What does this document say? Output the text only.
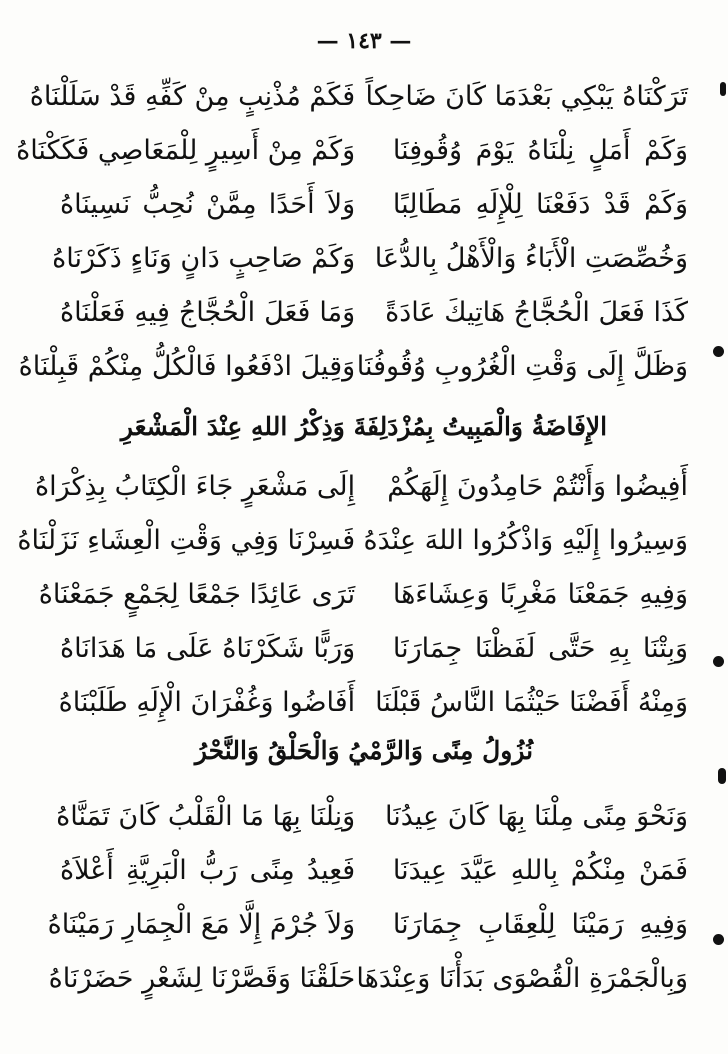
— ١٤٣ —
تَرَكْنَاهُ يَبْكِي بَعْدَمَا كَانَ ضَاحِكاً
فَكَمْ مُذْنِبٍ مِنْ كَفِّهِ قَدْ سَلَلْنَاهُ
وَكَمْ أَمَلٍ نِلْنَاهُ يَوْمَ وُقُوفِنَا
وَكَمْ مِنْ أَسِيرٍ لِلْمَعَاصِي فَكَكْنَاهُ
وَكَمْ قَدْ دَفَعْنَا لِلْإِلَهِ مَطَالِبًا
وَلاَ أَحَدًا مِمَّنْ نُحِبُّ نَسِينَاهُ
وَخُصِّصَتِ الْأَبَاءُ وَالْأَهْلُ بِالدُّعَا
وَكَمْ صَاحِبٍ دَانٍ وَنَاءٍ ذَكَرْنَاهُ
كَذَا فَعَلَ الْحُجَّاجُ هَاتِيكَ عَادَةً
وَمَا فَعَلَ الْحُجَّاجُ فِيهِ فَعَلْنَاهُ
وَظَلَّ إِلَى وَقْتِ الْغُرُوبِ وُقُوفُنَا
وَقِيلَ ادْفَعُوا فَالْكُلُّ مِنْكُمْ قَبِلْنَاهُ
الإِفَاضَةُ وَالْمَبِيتُ بِمُزْدَلِفَةَ وَذِكْرُ اللهِ عِنْدَ الْمَشْعَرِ
أَفِيضُوا وَأَنْتُمْ حَامِدُونَ إِلَهَكُمْ
إِلَى مَشْعَرٍ جَاءَ الْكِتَابُ بِذِكْرَاهُ
وَسِيرُوا إِلَيْهِ وَاذْكُرُوا اللهَ عِنْدَهُ
فَسِرْنَا وَفِي وَقْتِ الْعِشَاءِ نَزَلْنَاهُ
وَفِيهِ جَمَعْنَا مَغْرِبًا وَعِشَاءَهَا
تَرَى عَائِدًا جَمْعًا لِجَمْعٍ جَمَعْنَاهُ
وَبِتْنَا بِهِ حَتَّى لَفَظْنَا جِمَارَنَا
وَرَبًّا شَكَرْنَاهُ عَلَى مَا هَدَانَاهُ
وَمِنْهُ أَفَضْنَا حَيْثُمَا النَّاسُ قَبْلَنَا
أَفَاضُوا وَغُفْرَانَ الْإِلَهِ طَلَبْنَاهُ
نُزُولُ مِنًى وَالرَّمْيُ وَالْحَلْقُ وَالنَّحْرُ
وَنَحْوَ مِنًى مِلْنَا بِهَا كَانَ عِيدُنَا
وَنِلْنَا بِهَا مَا الْقَلْبُ كَانَ تَمَنَّاهُ
فَمَنْ مِنْكُمْ بِاللهِ عَيَّدَ عِيدَنَا
فَعِيدُ مِنًى رَبُّ الْبَرِيَّةِ أَعْلاَهُ
وَفِيهِ رَمَيْنَا لِلْعِقَابِ جِمَارَنَا
وَلاَ جُرْمَ إِلَّا مَعَ الْجِمَارِ رَمَيْنَاهُ
وَبِالْجَمْرَةِ الْقُصْوَى بَدَأْنَا وَعِنْدَهَا
حَلَقْنَا وَقَصَّرْنَا لِشَعْرٍ حَضَرْنَاهُ
